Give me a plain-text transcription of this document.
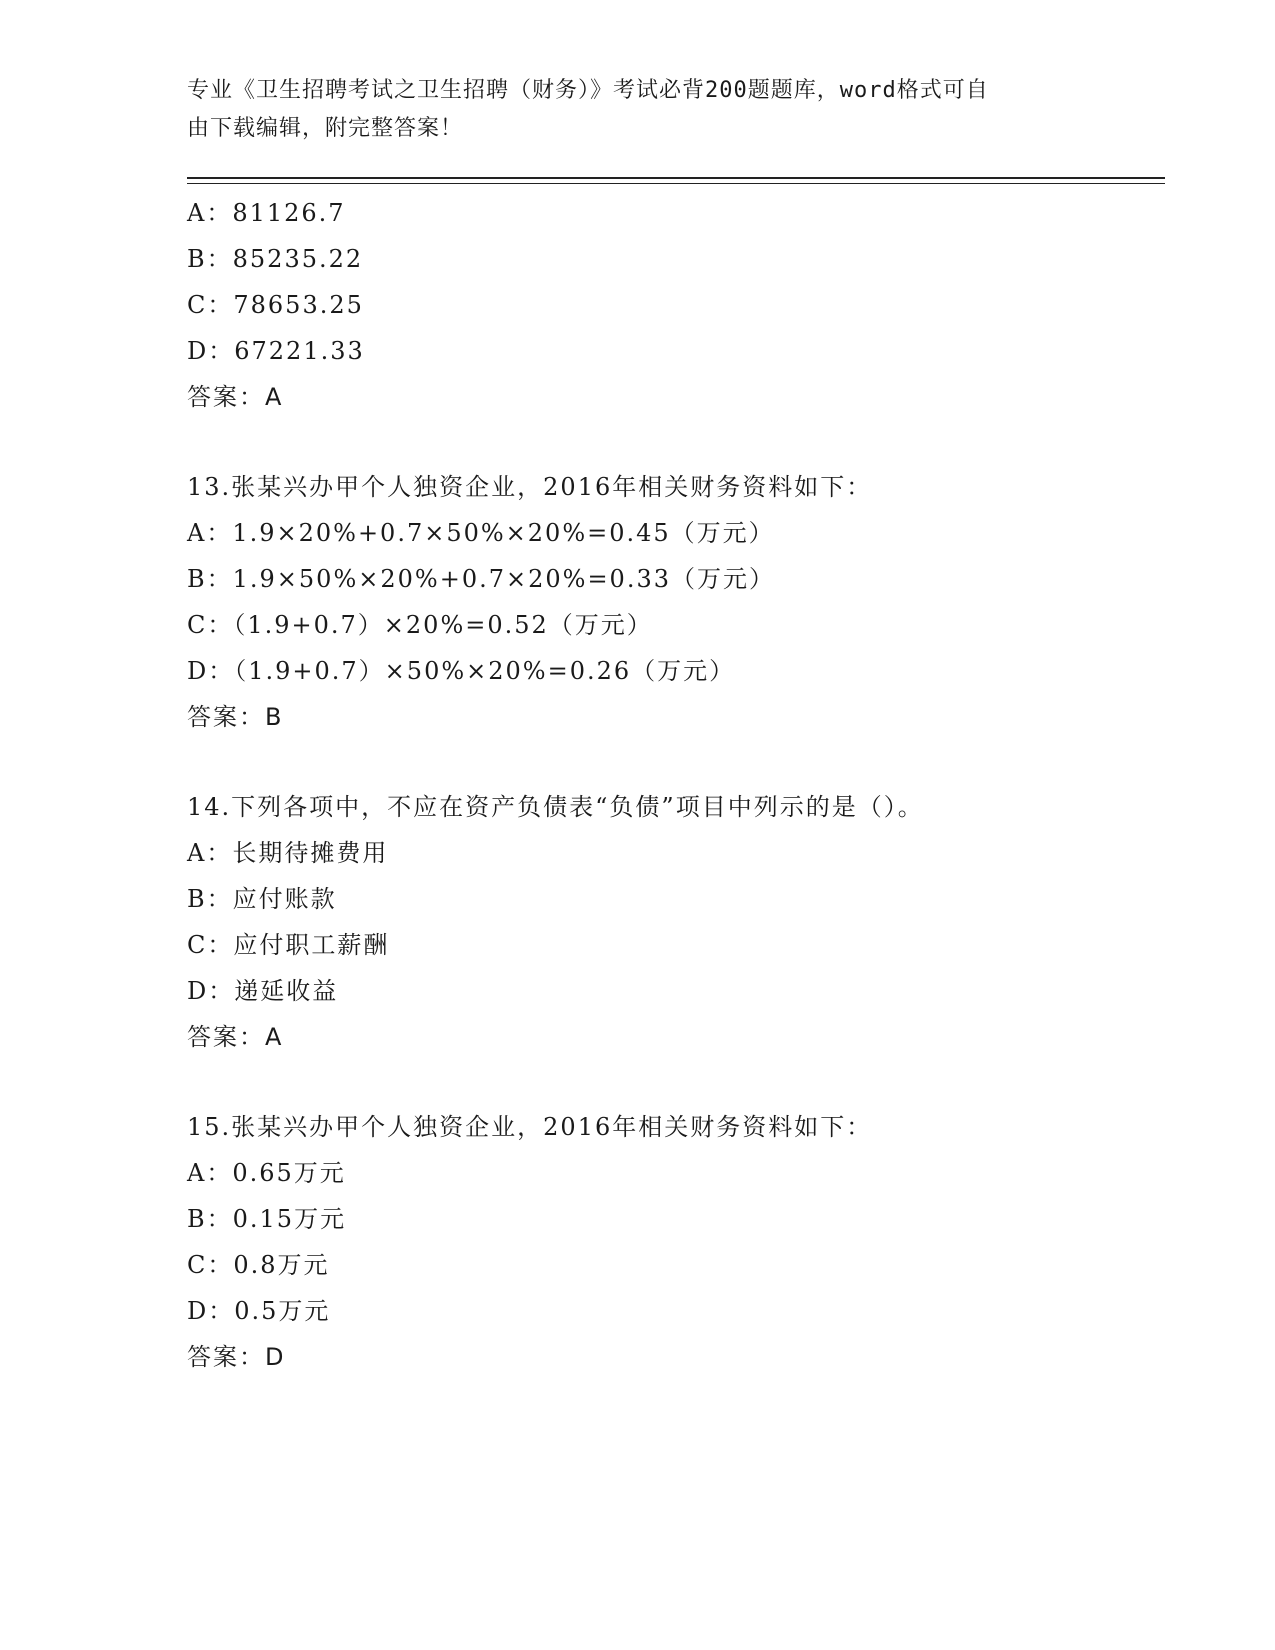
专业《卫生招聘考试之卫生招聘（财务）》考试必背200题题库，word格式可自
由下载编辑，附完整答案！
A：81126.7
B：85235.22
C：78653.25
D：67221.33
答案：A
13.张某兴办甲个人独资企业，2016年相关财务资料如下：
A：1.9×20%+0.7×50%×20%=0.45（万元）
B：1.9×50%×20%+0.7×20%=0.33（万元）
C：（1.9+0.7）×20%=0.52（万元）
D：（1.9+0.7）×50%×20%=0.26（万元）
答案：B
14.下列各项中，不应在资产负债表“负债”项目中列示的是（）。
A：长期待摊费用
B：应付账款
C：应付职工薪酬
D：递延收益
答案：A
15.张某兴办甲个人独资企业，2016年相关财务资料如下：
A：0.65万元
B：0.15万元
C：0.8万元
D：0.5万元
答案：D
